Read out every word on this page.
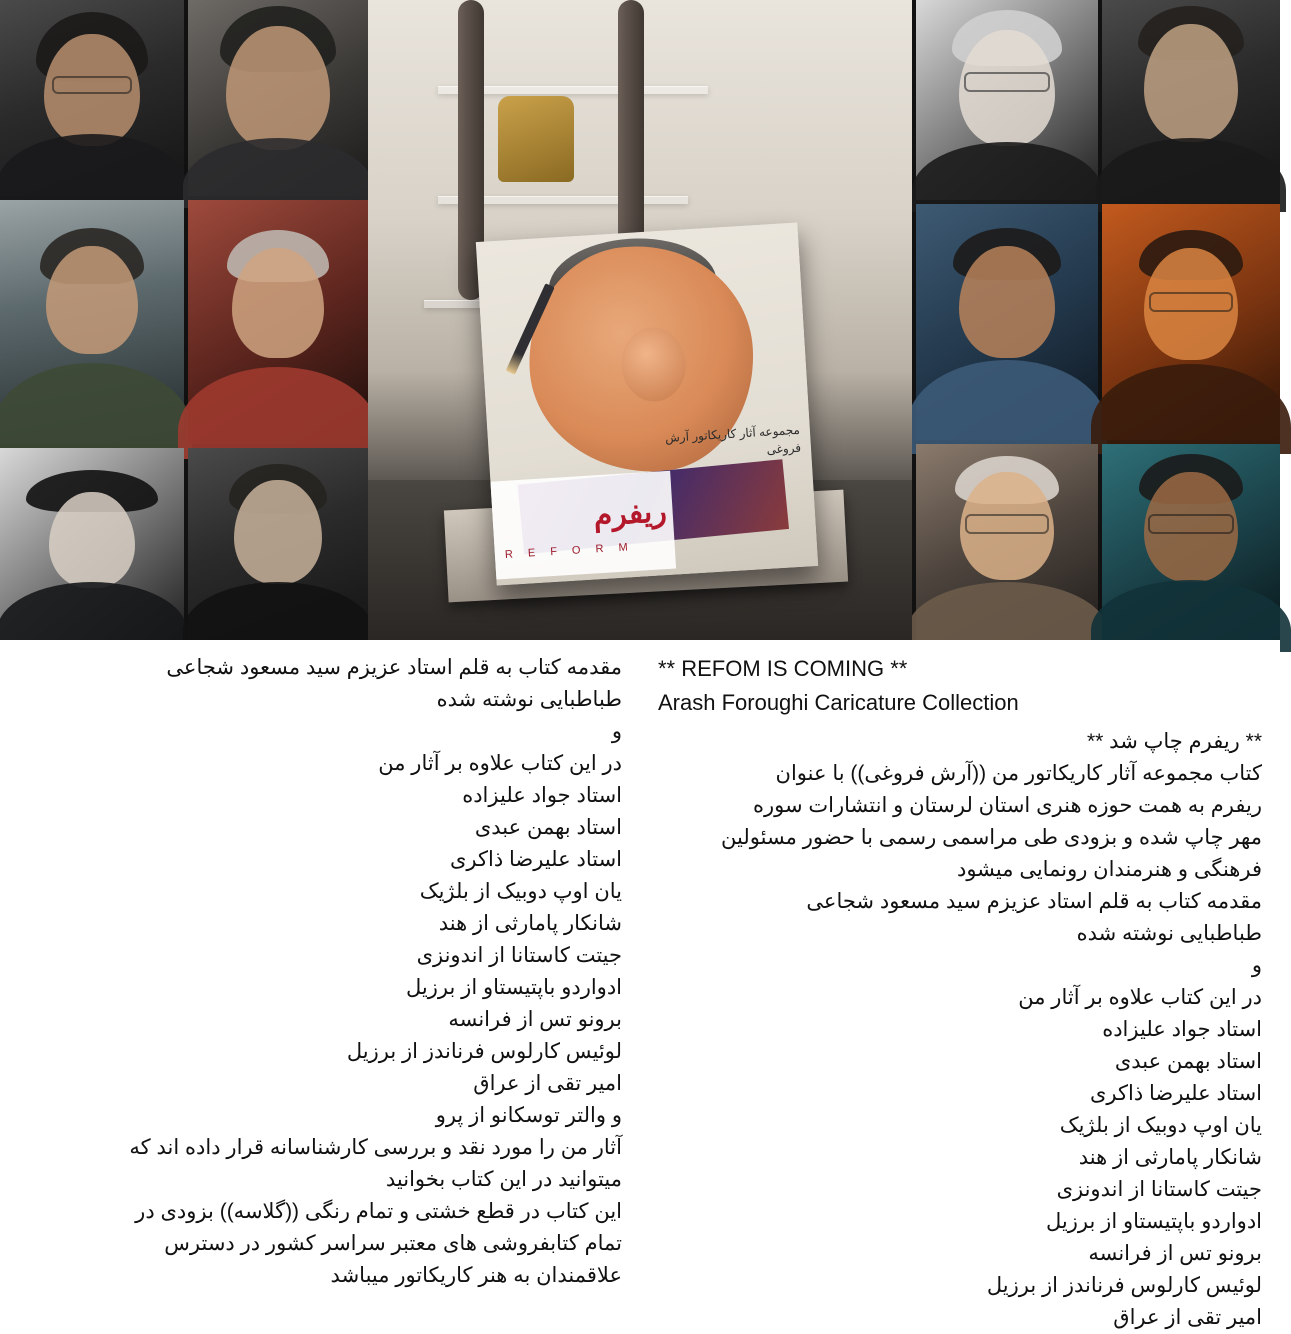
مجموعه آثار کاریکاتور آرش فروغی
ریفرم
R E F O R M
مقدمه کتاب به قلم استاد عزیزم سید مسعود شجاعی
طباطبایی نوشته شده
و
در این کتاب علاوه بر آثار من
استاد جواد علیزاده
استاد بهمن عبدی
استاد علیرضا ذاکری
یان اوپ دوبیک از بلژیک
شانکار پامارثی از هند
جیتت کاستانا از اندونزی
ادواردو باپتیستاو از برزیل
برونو تس از فرانسه
لوئیس کارلوس فرناندز از برزیل
امیر تقی از عراق
و والتر توسکانو از پرو
آثار من را مورد نقد و بررسی کارشناسانه قرار داده اند که
میتوانید در این کتاب بخوانید
این کتاب در قطع خشتی و تمام رنگی ((گلاسه)) بزودی در
تمام کتابفروشی های معتبر سراسر کشور در دسترس
علاقمندان به هنر کاریکاتور میباشد
** REFOM IS COMING **
Arash Foroughi Caricature Collection
** ریفرم چاپ شد **
کتاب مجموعه آثار کاریکاتور من ((آرش فروغی)) با عنوان
ریفرم به همت حوزه هنری استان لرستان و انتشارات سوره
مهر چاپ شده و بزودی طی مراسمی رسمی با حضور مسئولین
فرهنگی و هنرمندان رونمایی میشود
مقدمه کتاب به قلم استاد عزیزم سید مسعود شجاعی
طباطبایی نوشته شده
و
در این کتاب علاوه بر آثار من
استاد جواد علیزاده
استاد بهمن عبدی
استاد علیرضا ذاکری
یان اوپ دوبیک از بلژیک
شانکار پامارثی از هند
جیتت کاستانا از اندونزی
ادواردو باپتیستاو از برزیل
برونو تس از فرانسه
لوئیس کارلوس فرناندز از برزیل
امیر تقی از عراق
